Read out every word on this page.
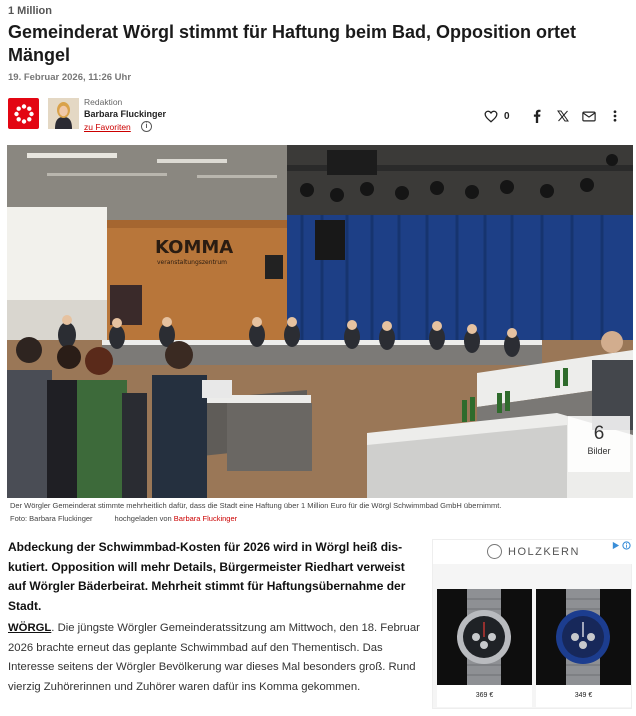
1 Million
Gemeinderat Wörgl stimmt für Haftung beim Bad, Opposition ortet Mängel
19. Februar 2026, 11:26 Uhr
Redaktion
Barbara Fluckinger
zu Favoriten	i
0
KOMMA
veranstaltungszentrum
6
Bilder
Der Wörgler Gemeinderat stimmte mehrheitlich dafür, dass die Stadt eine Haftung über 1 Million Euro für die Wörgl Schwimmbad GmbH übernimmt.
Foto: Barbara Fluckinger	hochgeladen von Barbara Fluckinger

Abdeckung der Schwimmbad-Kosten für 2026 wird in Wörgl heiß diskutiert. Opposition will mehr Details, Bürgermeister Riedhart verweist auf Wörgler Bäderbeirat. Mehrheit stimmt für Haftungsübernahme der Stadt.

WÖRGL. Die jüngste Wörgler Gemeinderatssitzung am Mittwoch, den 18. Februar 2026 brachte erneut das geplante Schwimmbad auf den Thementisch. Das Interesse seitens der Wörgler Bevölkerung war dieses Mal besonders groß. Rund vierzig Zuhörerinnen und Zuhörer waren dafür ins Komma gekommen.

HOLZKERN
369 €	349 €
